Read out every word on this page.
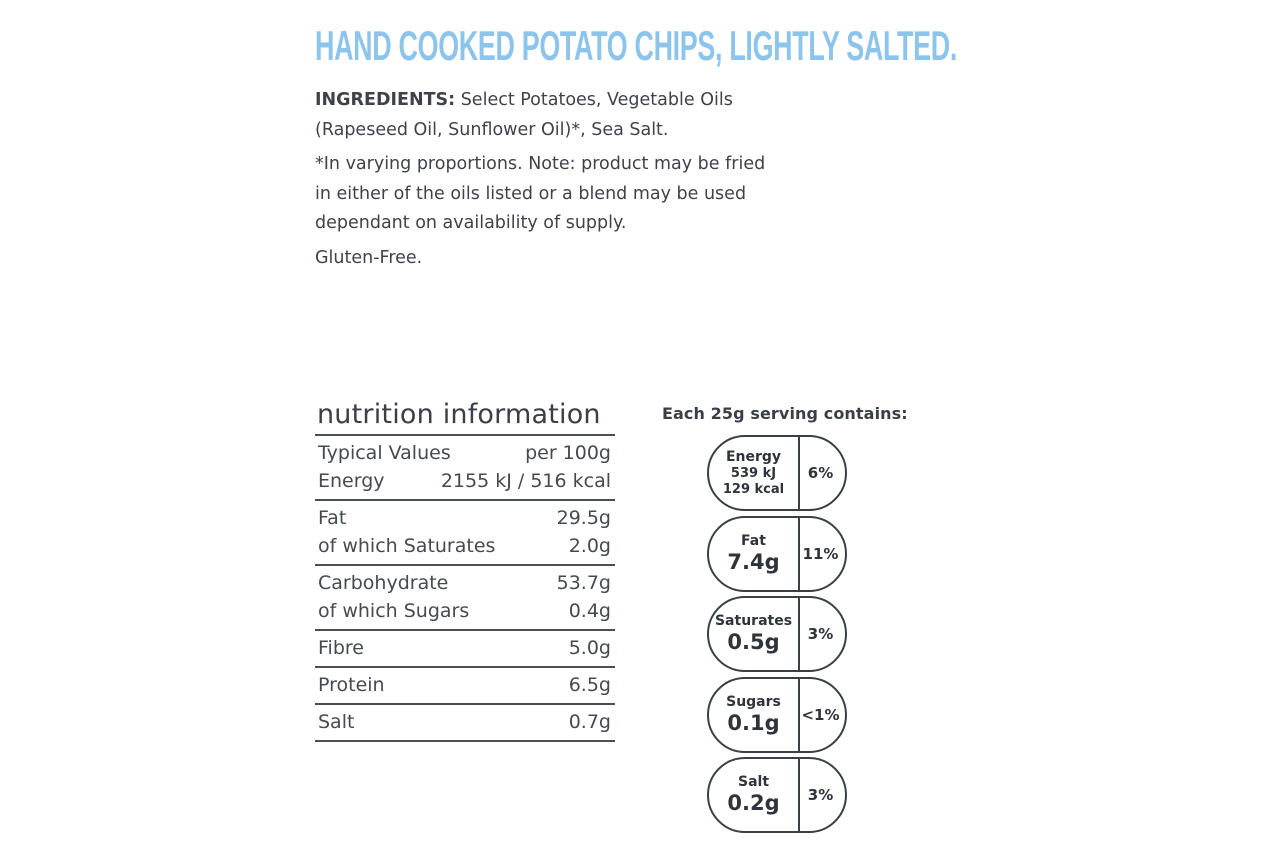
HAND COOKED POTATO CHIPS, LIGHTLY SALTED.

INGREDIENTS: Select Potatoes, Vegetable Oils
(Rapeseed Oil, Sunflower Oil)*, Sea Salt.

*In varying proportions. Note: product may be fried
in either of the oils listed or a blend may be used
dependant on availability of supply.

Gluten-Free.

nutrition information
Typical Values	per 100g
Energy	2155 kJ / 516 kcal
Fat	29.5g
of which Saturates	2.0g
Carbohydrate	53.7g
of which Sugars	0.4g
Fibre	5.0g
Protein	6.5g
Salt	0.7g
Each 25g serving contains:
Energy
539 kJ
129 kcal
6%
Fat
7.4g 11%
Saturates
0.5g	3%
Sugars
0.1g <1%
Salt
0.2g	3%
